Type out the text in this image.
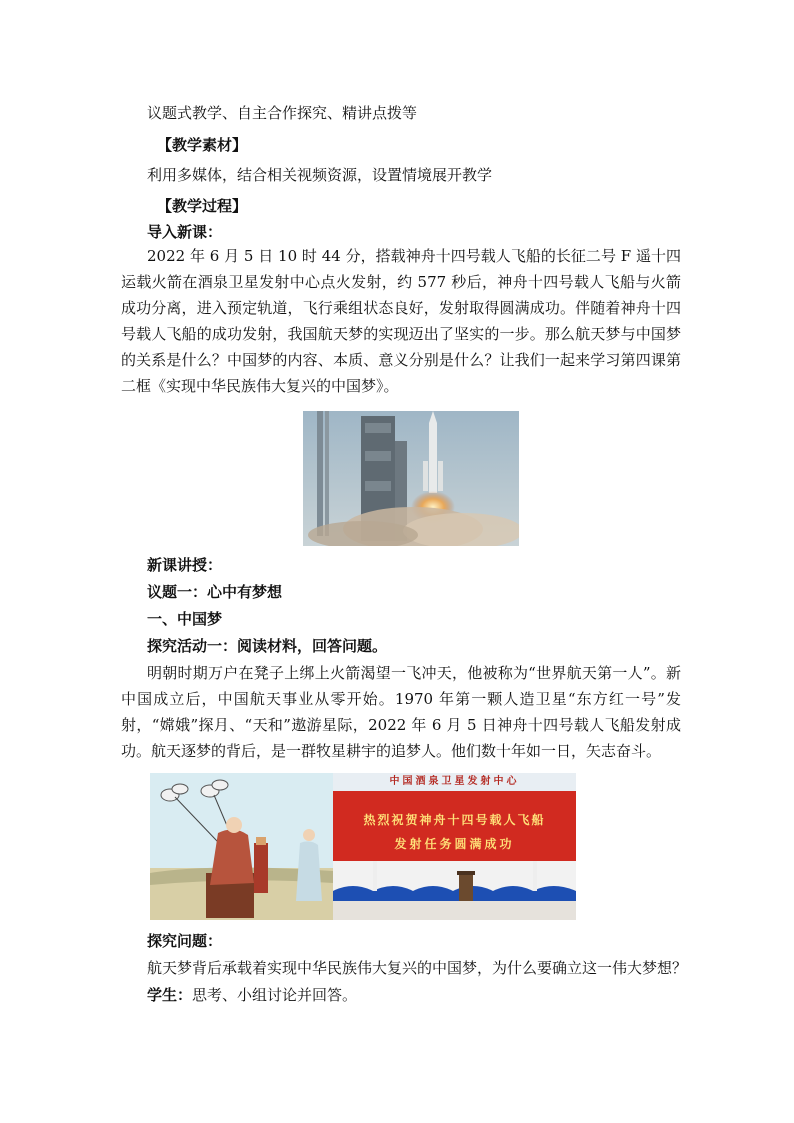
议题式教学、自主合作探究、精讲点拨等
【教学素材】
利用多媒体，结合相关视频资源，设置情境展开教学
【教学过程】
导入新课：

2022 年 6 月 5 日 10 时 44 分，搭载神舟十四号载人飞船的长征二号 F 遥十四运载火箭在酒泉卫星发射中心点火发射，约 577 秒后，神舟十四号载人飞船与火箭成功分离，进入预定轨道，飞行乘组状态良好，发射取得圆满成功。伴随着神舟十四号载人飞船的成功发射，我国航天梦的实现迈出了坚实的一步。那么航天梦与中国梦的关系是什么？中国梦的内容、本质、意义分别是什么？让我们一起来学习第四课第二框《实现中华民族伟大复兴的中国梦》。

新课讲授：
议题一：心中有梦想
一、中国梦
探究活动一：阅读材料，回答问题。

明朝时期万户在凳子上绑上火箭渴望一飞冲天，他被称为“世界航天第一人”。新中国成立后，中国航天事业从零开始。1970 年第一颗人造卫星“东方红一号”发射，“嫦娥”探月、“天和”遨游星际，2022 年 6 月 5 日神舟十四号载人飞船发射成功。航天逐梦的背后，是一群牧星耕宇的追梦人。他们数十年如一日，矢志奋斗。

中国酒泉卫星发射中心
热烈祝贺神舟十四号载人飞船
发射任务圆满成功
探究问题：
航天梦背后承载着实现中华民族伟大复兴的中国梦，为什么要确立这一伟大梦想？
学生：思考、小组讨论并回答。
